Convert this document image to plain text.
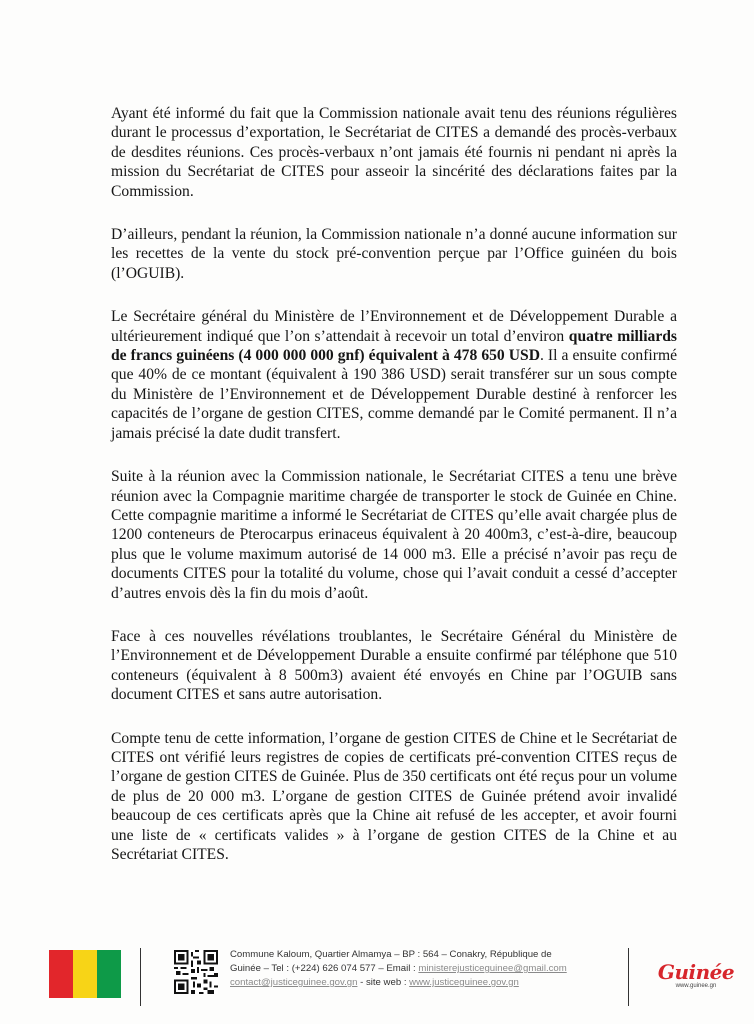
Ayant été informé du fait que la Commission nationale avait tenu des réunions régulières durant le processus d’exportation, le Secrétariat de CITES a demandé des procès-verbaux de desdites réunions. Ces procès-verbaux n’ont jamais été fournis ni pendant ni après la mission du Secrétariat de CITES pour asseoir la sincérité des déclarations faites par la Commission.

D’ailleurs, pendant la réunion, la Commission nationale n’a donné aucune information sur les recettes de la vente du stock pré-convention perçue par l’Office guinéen du bois (l’OGUIB).

Le Secrétaire général du Ministère de l’Environnement et de Développement Durable a ultérieurement indiqué que l’on s’attendait à recevoir un total d’environ quatre milliards de francs guinéens (4 000 000 000 gnf) équivalent à 478 650 USD. Il a ensuite confirmé que 40% de ce montant (équivalent à 190 386 USD) serait transférer sur un sous compte du Ministère de l’Environnement et de Développement Durable destiné à renforcer les capacités de l’organe de gestion CITES, comme demandé par le Comité permanent. Il n’a jamais précisé la date dudit transfert.

Suite à la réunion avec la Commission nationale, le Secrétariat CITES a tenu une brève réunion avec la Compagnie maritime chargée de transporter le stock de Guinée en Chine. Cette compagnie maritime a informé le Secrétariat de CITES qu’elle avait chargée plus de 1200 conteneurs de Pterocarpus erinaceus équivalent à 20 400m3, c’est-à-dire, beaucoup plus que le volume maximum autorisé de 14 000 m3. Elle a précisé n’avoir pas reçu de documents CITES pour la totalité du volume, chose qui l’avait conduit a cessé d’accepter d’autres envois dès la fin du mois d’août.

Face à ces nouvelles révélations troublantes, le Secrétaire Général du Ministère de l’Environnement et de Développement Durable a ensuite confirmé par téléphone que 510 conteneurs (équivalent à 8 500m3) avaient été envoyés en Chine par l’OGUIB sans document CITES et sans autre autorisation.

Compte tenu de cette information, l’organe de gestion CITES de Chine et le Secrétariat de CITES ont vérifié leurs registres de copies de certificats pré-convention CITES reçus de l’organe de gestion CITES de Guinée. Plus de 350 certificats ont été reçus pour un volume de plus de 20 000 m3. L’organe de gestion CITES de Guinée prétend avoir invalidé beaucoup de ces certificats après que la Chine ait refusé de les accepter, et avoir fourni une liste de « certificats valides » à l’organe de gestion CITES de la Chine et au Secrétariat CITES.

Commune Kaloum, Quartier Almamya – BP : 564 – Conakry, République de
Guinée – Tel : (+224) 626 074 577 – Email : ministerejusticeguinee@gmail.com
contact@justiceguinee.gov.gn - site web : www.justiceguinee.gov.gn	Guinée
www.guinee.gn
